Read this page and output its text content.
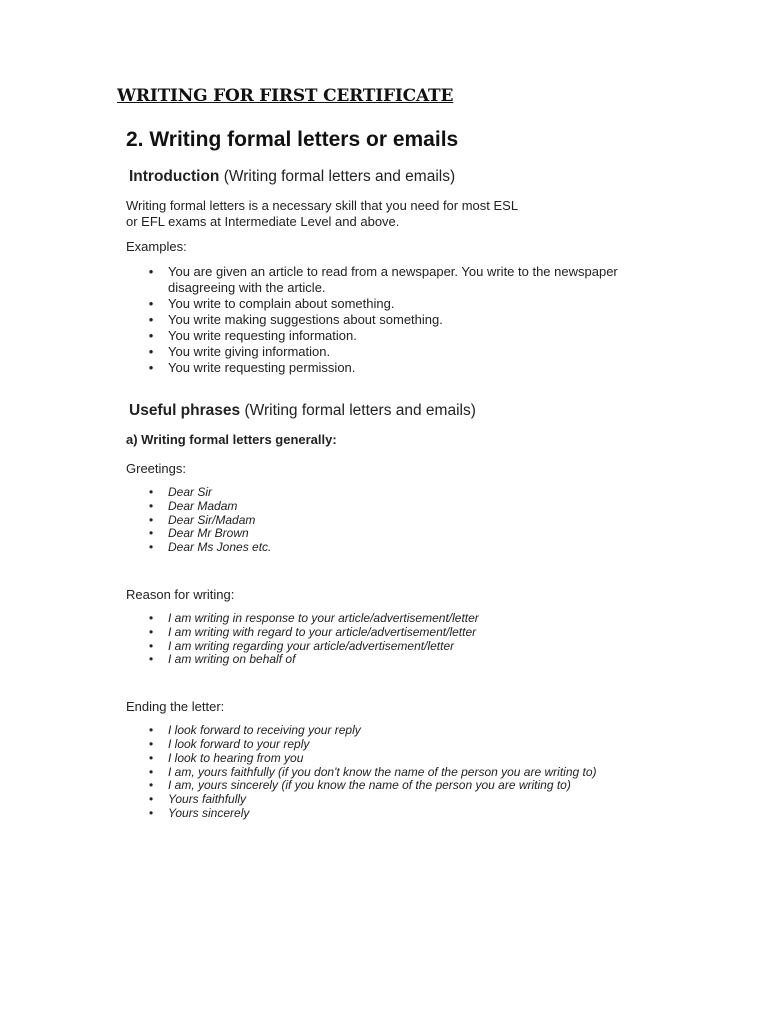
WRITING FOR FIRST CERTIFICATE
2. Writing formal letters or emails
Introduction (Writing formal letters and emails)
Writing formal letters is a necessary skill that you need for most ESL or EFL exams at Intermediate Level and above.
Examples:
• You are given an article to read from a newspaper. You write to the newspaper disagreeing with the article.
• You write to complain about something.
• You write making suggestions about something.
• You write requesting information.
• You write giving information.
• You write requesting permission.
Useful phrases (Writing formal letters and emails)
a) Writing formal letters generally:
Greetings:
• Dear Sir
• Dear Madam
• Dear Sir/Madam
• Dear Mr Brown
• Dear Ms Jones etc.
Reason for writing:
• I am writing in response to your article/advertisement/letter
• I am writing with regard to your article/advertisement/letter
• I am writing regarding your article/advertisement/letter
• I am writing on behalf of
Ending the letter:
• I look forward to receiving your reply
• I look forward to your reply
• I look to hearing from you
• I am, yours faithfully (if you don't know the name of the person you are writing to)
• I am, yours sincerely (if you know the name of the person you are writing to)
• Yours faithfully
• Yours sincerely
